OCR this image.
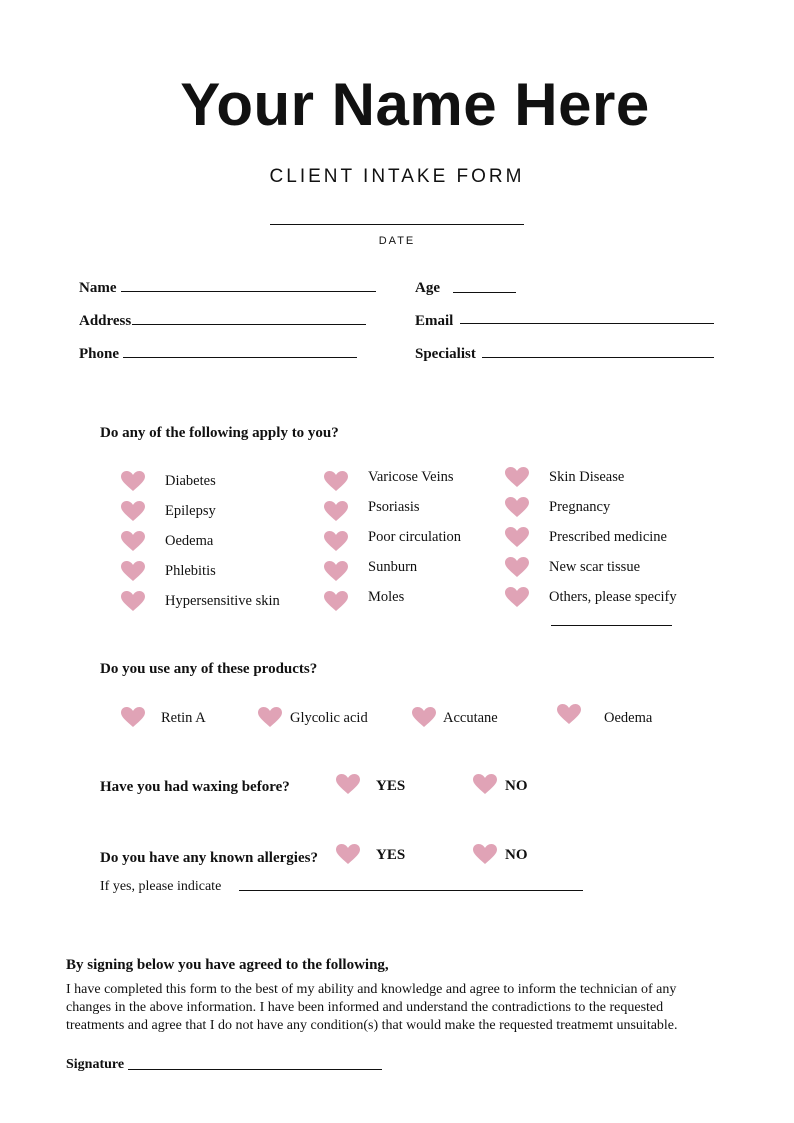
Your Name Here
CLIENT INTAKE FORM
DATE
Name	Age
Address	Email
Phone	Specialist
Do any of the following apply to you?
Diabetes
Epilepsy
Oedema
Phlebitis
Hypersensitive skin
Varicose Veins
Psoriasis
Poor circulation
Sunburn
Moles
Skin Disease
Pregnancy
Prescribed medicine
New scar tissue
Others, please specify
Do you use any of these products?
Retin A	Glycolic acid	Accutane	Oedema
Have you had waxing before?	YES	NO
Do you have any known allergies?	YES	NO
If yes, please indicate
By signing below you have agreed to the following,
I have completed this form to the best of my ability and knowledge and agree to inform the technician of any changes in the above information. I have been informed and understand the contradictions to the requested treatments and agree that I do not have any condition(s) that would make the requested treatmemt unsuitable.
Signature
